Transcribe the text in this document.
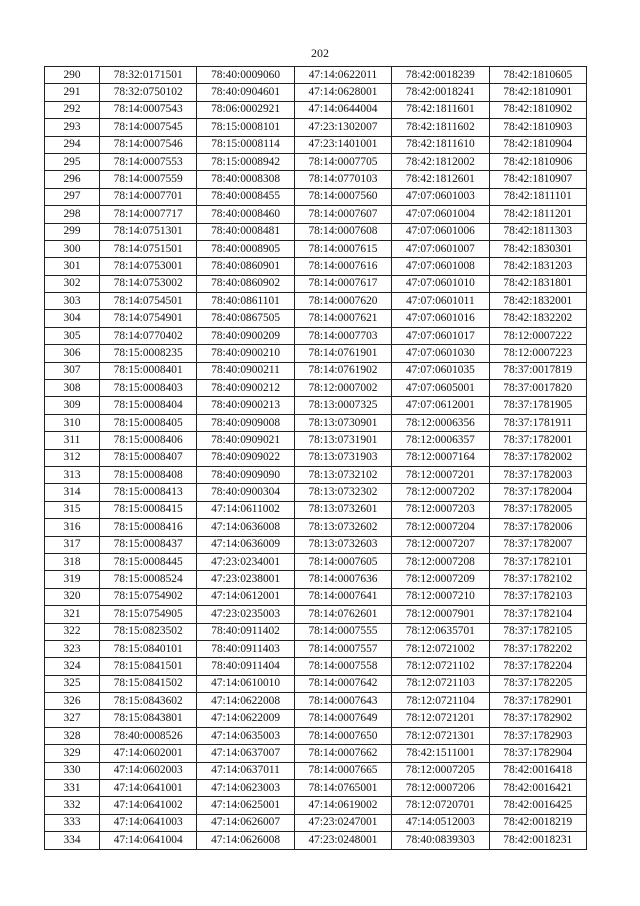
202
290	78:32:0171501	78:40:0009060	47:14:0622011	78:42:0018239	78:42:1810605
291	78:32:0750102	78:40:0904601	47:14:0628001	78:42:0018241	78:42:1810901
292	78:14:0007543	78:06:0002921	47:14:0644004	78:42:1811601	78:42:1810902
293	78:14:0007545	78:15:0008101	47:23:1302007	78:42:1811602	78:42:1810903
294	78:14:0007546	78:15:0008114	47:23:1401001	78:42:1811610	78:42:1810904
295	78:14:0007553	78:15:0008942	78:14:0007705	78:42:1812002	78:42:1810906
296	78:14:0007559	78:40:0008308	78:14:0770103	78:42:1812601	78:42:1810907
297	78:14:0007701	78:40:0008455	78:14:0007560	47:07:0601003	78:42:1811101
298	78:14:0007717	78:40:0008460	78:14:0007607	47:07:0601004	78:42:1811201
299	78:14:0751301	78:40:0008481	78:14:0007608	47:07:0601006	78:42:1811303
300	78:14:0751501	78:40:0008905	78:14:0007615	47:07:0601007	78:42:1830301
301	78:14:0753001	78:40:0860901	78:14:0007616	47:07:0601008	78:42:1831203
302	78:14:0753002	78:40:0860902	78:14:0007617	47:07:0601010	78:42:1831801
303	78:14:0754501	78:40:0861101	78:14:0007620	47:07:0601011	78:42:1832001
304	78:14:0754901	78:40:0867505	78:14:0007621	47:07:0601016	78:42:1832202
305	78:14:0770402	78:40:0900209	78:14:0007703	47:07:0601017	78:12:0007222
306	78:15:0008235	78:40:0900210	78:14:0761901	47:07:0601030	78:12:0007223
307	78:15:0008401	78:40:0900211	78:14:0761902	47:07:0601035	78:37:0017819
308	78:15:0008403	78:40:0900212	78:12:0007002	47:07:0605001	78:37:0017820
309	78:15:0008404	78:40:0900213	78:13:0007325	47:07:0612001	78:37:1781905
310	78:15:0008405	78:40:0909008	78:13:0730901	78:12:0006356	78:37:1781911
311	78:15:0008406	78:40:0909021	78:13:0731901	78:12:0006357	78:37:1782001
312	78:15:0008407	78:40:0909022	78:13:0731903	78:12:0007164	78:37:1782002
313	78:15:0008408	78:40:0909090	78:13:0732102	78:12:0007201	78:37:1782003
314	78:15:0008413	78:40:0900304	78:13:0732302	78:12:0007202	78:37:1782004
315	78:15:0008415	47:14:0611002	78:13:0732601	78:12:0007203	78:37:1782005
316	78:15:0008416	47:14:0636008	78:13:0732602	78:12:0007204	78:37:1782006
317	78:15:0008437	47:14:0636009	78:13:0732603	78:12:0007207	78:37:1782007
318	78:15:0008445	47:23:0234001	78:14:0007605	78:12:0007208	78:37:1782101
319	78:15:0008524	47:23:0238001	78:14:0007636	78:12:0007209	78:37:1782102
320	78:15:0754902	47:14:0612001	78:14:0007641	78:12:0007210	78:37:1782103
321	78:15:0754905	47:23:0235003	78:14:0762601	78:12:0007901	78:37:1782104
322	78:15:0823502	78:40:0911402	78:14:0007555	78:12:0635701	78:37:1782105
323	78:15:0840101	78:40:0911403	78:14:0007557	78:12:0721002	78:37:1782202
324	78:15:0841501	78:40:0911404	78:14:0007558	78:12:0721102	78:37:1782204
325	78:15:0841502	47:14:0610010	78:14:0007642	78:12:0721103	78:37:1782205
326	78:15:0843602	47:14:0622008	78:14:0007643	78:12:0721104	78:37:1782901
327	78:15:0843801	47:14:0622009	78:14:0007649	78:12:0721201	78:37:1782902
328	78:40:0008526	47:14:0635003	78:14:0007650	78:12:0721301	78:37:1782903
329	47:14:0602001	47:14:0637007	78:14:0007662	78:42:1511001	78:37:1782904
330	47:14:0602003	47:14:0637011	78:14:0007665	78:12:0007205	78:42:0016418
331	47:14:0641001	47:14:0623003	78:14:0765001	78:12:0007206	78:42:0016421
332	47:14:0641002	47:14:0625001	47:14:0619002	78:12:0720701	78:42:0016425
333	47:14:0641003	47:14:0626007	47:23:0247001	47:14:0512003	78:42:0018219
334	47:14:0641004	47:14:0626008	47:23:0248001	78:40:0839303	78:42:0018231
